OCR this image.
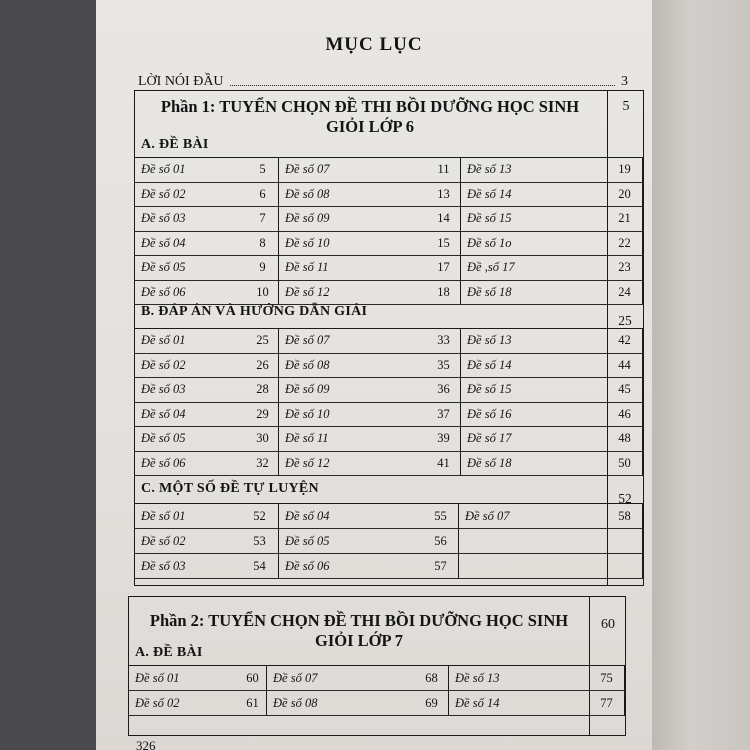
MỤC LỤC
LỜI NÓI ĐẦU	3
Phần 1: TUYỂN CHỌN ĐỀ THI BỒI DƯỠNG HỌC SINH
GIỎI LỚP 6
5
A. ĐỀ BÀI
Đề số 01	5	Đề số 07	11	Đề số 13	19
Đề số 02	6	Đề số 08	13	Đề số 14	20
Đề số 03	7	Đề số 09	14	Đề số 15	21
Đề số 04	8	Đề số 10	15	Đề số 1o	22
Đề số 05	9	Đề số 11	17	Đề ,số 17	23
Đề số 06	10	Đề số 12	18	Đề số 18	24
B. ĐÁP ÁN VÀ HƯỚNG DẪN GIẢI
25
Đề số 01	25	Đề số 07	33	Đề số 13	42
Đề số 02	26	Đề số 08	35	Đề số 14	44
Đề số 03	28	Đề số 09	36	Đề số 15	45
Đề số 04	29	Đề số 10	37	Đề số 16	46
Đề số 05	30	Đề số 11	39	Đề số 17	48
Đề số 06	32	Đề số 12	41	Đề số 18	50
C. MỘT SỐ ĐỀ TỰ LUYỆN
52
Đề số 01	52	Đề số 04	55	Đề số 07	58
Đề số 02	53	Đề số 05	56
Đề số 03	54	Đề số 06	57
Phần 2: TUYỂN CHỌN ĐỀ THI BỒI DƯỠNG HỌC SINH
GIỎI LỚP 7
60
A. ĐỀ BÀI
Đề số 01	60	Đề số 07	68	Đề số 13	75
Đề số 02	61	Đề số 08	69	Đề số 14	77
326
